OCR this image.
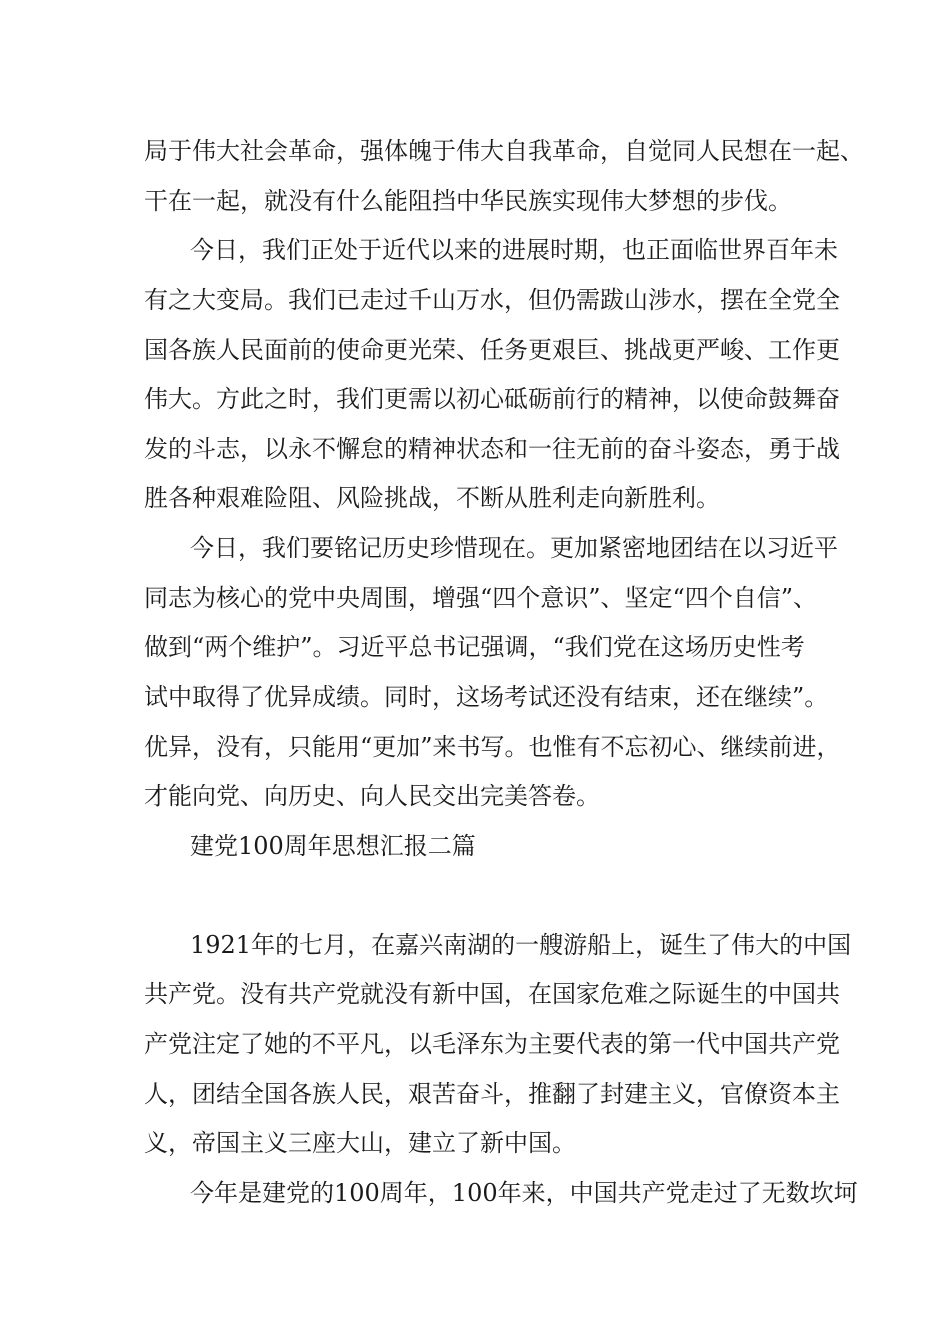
局于伟大社会革命，强体魄于伟大自我革命，自觉同人民想在一起、
干在一起，就没有什么能阻挡中华民族实现伟大梦想的步伐。
今日，我们正处于近代以来的进展时期，也正面临世界百年未
有之大变局。我们已走过千山万水，但仍需跋山涉水，摆在全党全
国各族人民面前的使命更光荣、任务更艰巨、挑战更严峻、工作更
伟大。方此之时，我们更需以初心砥砺前行的精神，以使命鼓舞奋
发的斗志，以永不懈怠的精神状态和一往无前的奋斗姿态，勇于战
胜各种艰难险阻、风险挑战，不断从胜利走向新胜利。
今日，我们要铭记历史珍惜现在。更加紧密地团结在以习近平
同志为核心的党中央周围，增强“四个意识”、坚定“四个自信”、
做到“两个维护”。习近平总书记强调，“我们党在这场历史性考
试中取得了优异成绩。同时，这场考试还没有结束，还在继续”。
优异，没有，只能用“更加”来书写。也惟有不忘初心、继续前进，
才能向党、向历史、向人民交出完美答卷。
建党100周年思想汇报二篇
1921年的七月，在嘉兴南湖的一艘游船上，诞生了伟大的中国
共产党。没有共产党就没有新中国，在国家危难之际诞生的中国共
产党注定了她的不平凡，以毛泽东为主要代表的第一代中国共产党
人，团结全国各族人民，艰苦奋斗，推翻了封建主义，官僚资本主
义，帝国主义三座大山，建立了新中国。
今年是建党的100周年，100年来，中国共产党走过了无数坎坷
